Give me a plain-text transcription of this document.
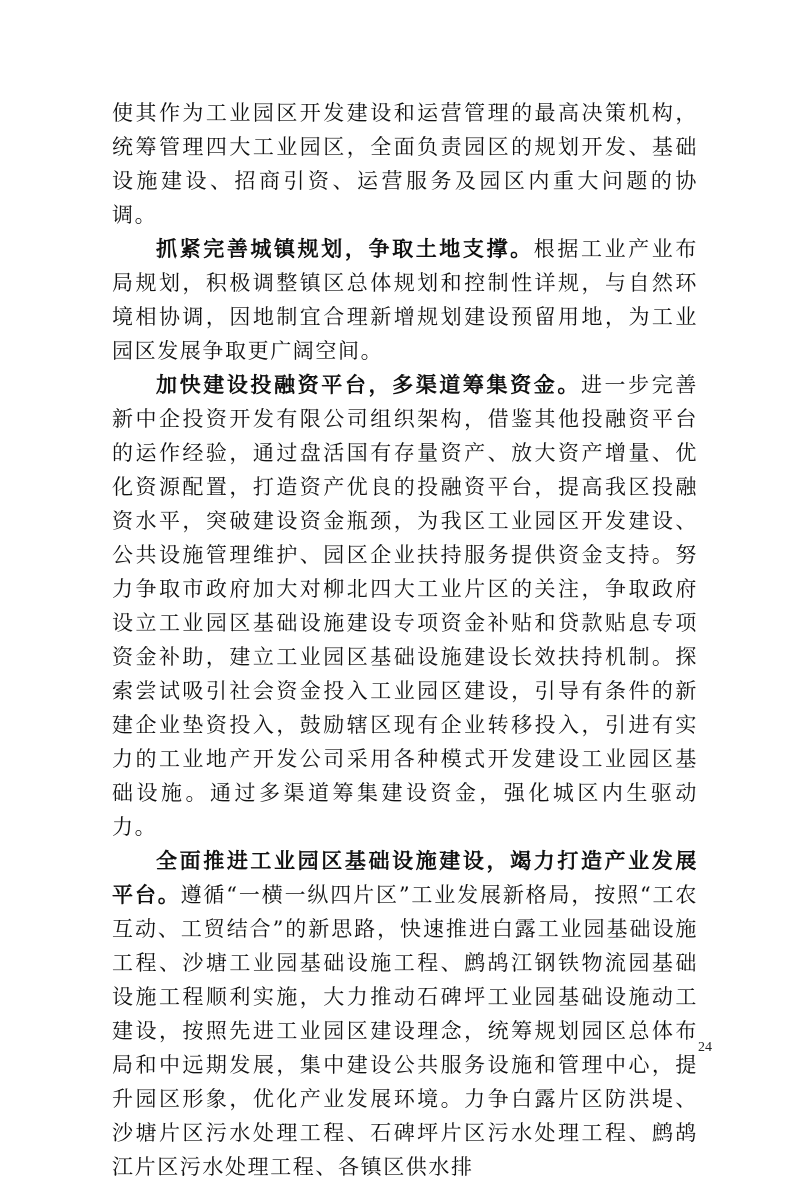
使其作为工业园区开发建设和运营管理的最高决策机构，统筹管理四大工业园区，全面负责园区的规划开发、基础设施建设、招商引资、运营服务及园区内重大问题的协调。

抓紧完善城镇规划，争取土地支撑。根据工业产业布局规划，积极调整镇区总体规划和控制性详规，与自然环境相协调，因地制宜合理新增规划建设预留用地，为工业园区发展争取更广阔空间。

加快建设投融资平台，多渠道筹集资金。进一步完善新中企投资开发有限公司组织架构，借鉴其他投融资平台的运作经验，通过盘活国有存量资产、放大资产增量、优化资源配置，打造资产优良的投融资平台，提高我区投融资水平，突破建设资金瓶颈，为我区工业园区开发建设、公共设施管理维护、园区企业扶持服务提供资金支持。努力争取市政府加大对柳北四大工业片区的关注，争取政府设立工业园区基础设施建设专项资金补贴和贷款贴息专项资金补助，建立工业园区基础设施建设长效扶持机制。探索尝试吸引社会资金投入工业园区建设，引导有条件的新建企业垫资投入，鼓励辖区现有企业转移投入，引进有实力的工业地产开发公司采用各种模式开发建设工业园区基础设施。通过多渠道筹集建设资金，强化城区内生驱动力。

全面推进工业园区基础设施建设，竭力打造产业发展平台。遵循“一横一纵四片区”工业发展新格局，按照“工农互动、工贸结合”的新思路，快速推进白露工业园基础设施工程、沙塘工业园基础设施工程、鹧鸪江钢铁物流园基础设施工程顺利实施，大力推动石碑坪工业园基础设施动工建设，按照先进工业园区建设理念，统筹规划园区总体布局和中远期发展，集中建设公共服务设施和管理中心，提升园区形象，优化产业发展环境。力争白露片区防洪堤、沙塘片区污水处理工程、石碑坪片区污水处理工程、鹧鸪江片区污水处理工程、各镇区供水排

24
